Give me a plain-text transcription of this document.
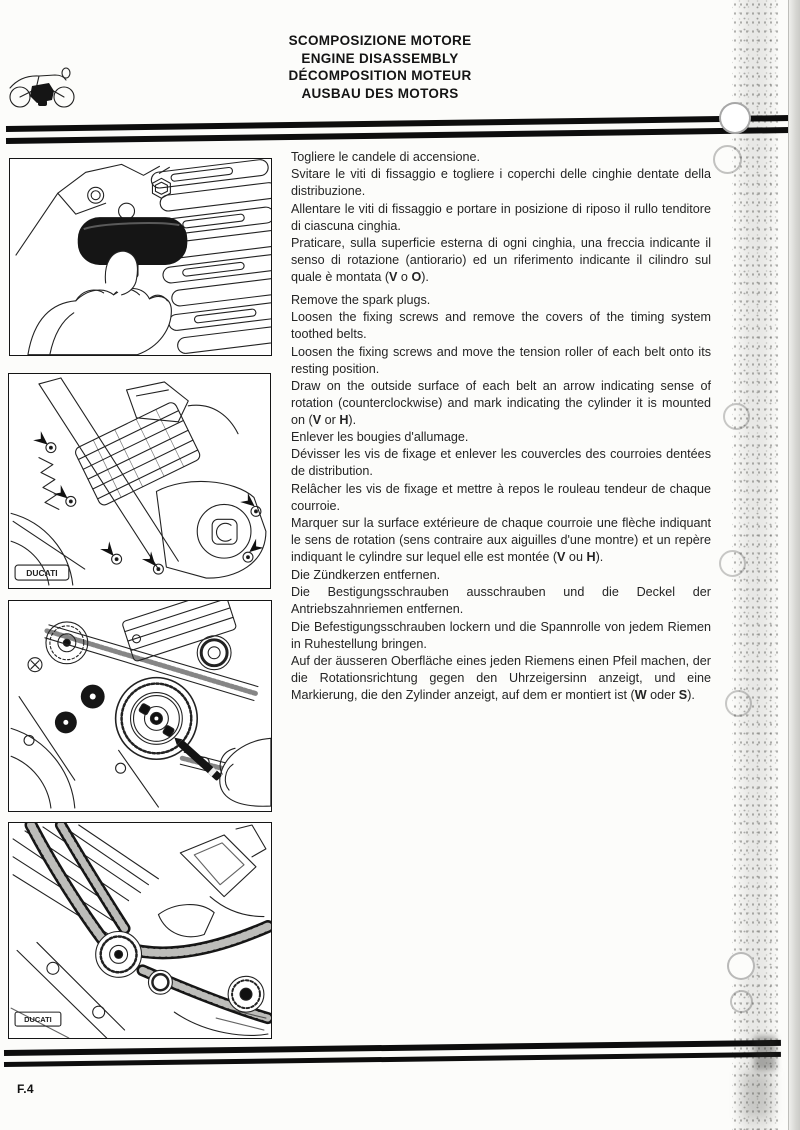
SCOMPOSIZIONE MOTORE
ENGINE DISASSEMBLY
DÉCOMPOSITION MOTEUR
AUSBAU DES MOTORS
DUCATI
DUCATI

Togliere le candele di accensione.

Svitare le viti di fissaggio e togliere i coperchi delle cinghie dentate della distribuzione.

Allentare le viti di fissaggio e portare in posizione di riposo il rullo tenditore di ciascuna cinghia.

Praticare, sulla superficie esterna di ogni cinghia, una freccia indicante il senso di rotazione (antiorario) ed un riferimento indicante il cilindro sul quale è montata (V o O).

Remove the spark plugs.

Loosen the fixing screws and remove the covers of the timing system toothed belts.

Loosen the fixing screws and move the tension roller of each belt onto its resting position.

Draw on the outside surface of each belt an arrow indicating sense of rotation (counterclockwise) and mark indicating the cylinder it is mounted on (V or H).

Enlever les bougies d'allumage.

Dévisser les vis de fixage et enlever les couvercles des courroies dentées de distribution.

Relâcher les vis de fixage et mettre à repos le rouleau tendeur de chaque courroie.

Marquer sur la surface extérieure de chaque courroie une flèche indiquant le sens de rotation (sens contraire aux aiguilles d'une montre) et un repère indiquant le cylindre sur lequel elle est montée (V ou H).

Die Zündkerzen entfernen.

Die Bestigungsschrauben ausschrauben und die Deckel der Antriebszahnriemen entfernen.

Die Befestigungsschrauben lockern und die Spannrolle von jedem Riemen in Ruhestellung bringen.

Auf der äusseren Oberfläche eines jeden Riemens einen Pfeil machen, der die Rotationsrichtung gegen den Uhrzeigersinn anzeigt, und eine Markierung, die den Zylinder anzeigt, auf dem er montiert ist (W oder S).

F.4
